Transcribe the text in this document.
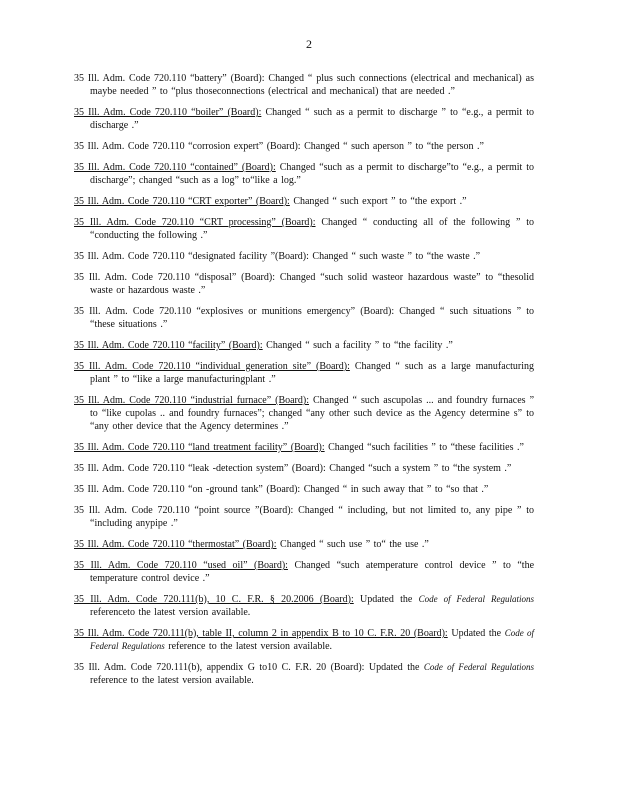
2

35 Ill. Adm. Code 720.110 “battery” (Board): Changed “ plus such connections (electrical and mechanical) as maybe needed ” to “plus thoseconnections (electrical and mechanical) that are needed .”

35 Ill. Adm. Code 720.110 “boiler” (Board): Changed “ such as a permit to discharge ” to “e.g., a permit to discharge .”

35 Ill. Adm. Code 720.110 “corrosion expert” (Board): Changed “ such aperson ” to “the person .”

35 Ill. Adm. Code 720.110 “contained” (Board): Changed “such as a permit to discharge”to “e.g., a permit to discharge”; changed “such as a log” to“like a log.”

35 Ill. Adm. Code 720.110 “CRT exporter” (Board): Changed “ such export ” to “the export .”

35 Ill. Adm. Code 720.110 “CRT processing” (Board): Changed “ conducting all of the following ” to “conducting the following .”

35 Ill. Adm. Code 720.110 “designated facility ”(Board): Changed “ such waste ” to “the waste .”

35 Ill. Adm. Code 720.110 “disposal” (Board): Changed “such solid wasteor hazardous waste” to “thesolid waste or hazardous waste .”

35 Ill. Adm. Code 720.110 “explosives or munitions emergency” (Board): Changed “ such situations ” to “these situations .”

35 Ill. Adm. Code 720.110 “facility” (Board): Changed “ such a facility ” to “the facility .”

35 Ill. Adm. Code 720.110 “individual generation site” (Board): Changed “ such as a large manufacturing plant ” to “like a large manufacturingplant .”

35 Ill. Adm. Code 720.110 “industrial furnace” (Board): Changed “ such ascupolas ... and foundry furnaces ” to “like cupolas .. and foundry furnaces”; changed “any other such device as the Agency determine s” to “any other device that the Agency determines .”

35 Ill. Adm. Code 720.110 “land treatment facility” (Board): Changed “such facilities ” to “these facilities .”

35 Ill. Adm. Code 720.110 “leak -detection system” (Board): Changed “such a system ” to “the system .”

35 Ill. Adm. Code 720.110 “on -ground tank” (Board): Changed “ in such away that ” to “so that .”

35 Ill. Adm. Code 720.110 “point source ”(Board): Changed “ including, but not limited to, any pipe ” to “including anypipe .”

35 Ill. Adm. Code 720.110 “thermostat” (Board): Changed “ such use ” to“ the use .”

35 Ill. Adm. Code 720.110 “used oil” (Board): Changed “such atemperature control device ” to “the temperature control device .”

35 Ill. Adm. Code 720.111(b), 10 C. F.R. § 20.2006 (Board): Updated the Code of Federal Regulations referenceto the latest version available.

35 Ill. Adm. Code 720.111(b), table II, column 2 in appendix B to 10 C. F.R. 20 (Board): Updated the Code of Federal Regulations reference to the latest version available.

35 Ill. Adm. Code 720.111(b), appendix G to10 C. F.R. 20 (Board): Updated the Code of Federal Regulations reference to the latest version available.
